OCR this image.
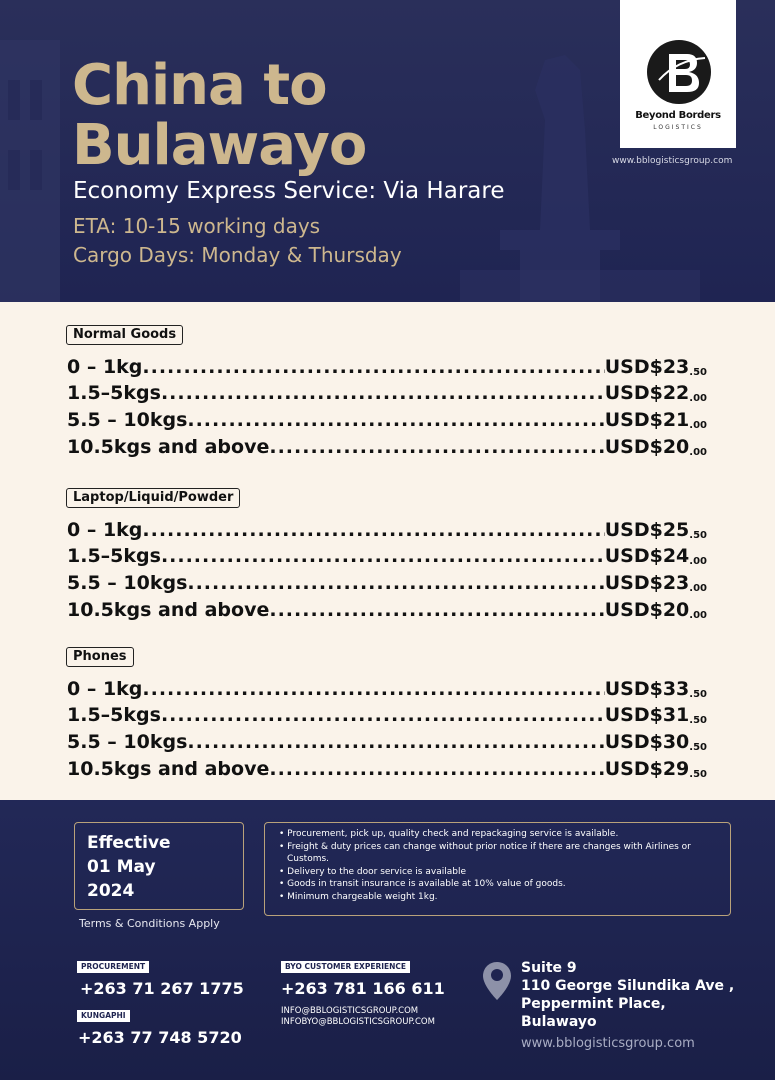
China to
Bulawayo
Economy Express Service: Via Harare
ETA: 10-15 working days
Cargo Days: Monday & Thursday
Beyond Borders
LOGISTICS
www.bblogisticsgroup.com
Normal Goods
0 – 1kg .....	USD$23 .50
1.5–5kgs .....	USD$22 .00
5.5 – 10kgs .....	USD$21 .00
10.5kgs and above .....	USD$20 .00
Laptop/Liquid/Powder
0 – 1kg .....	USD$25 .50
1.5–5kgs .....	USD$24 .00
5.5 – 10kgs .....	USD$23 .00
10.5kgs and above .....	USD$20 .00
Phones
0 – 1kg .....	USD$33 .50
1.5–5kgs .....	USD$31 .50
5.5 – 10kgs .....	USD$30 .50
10.5kgs and above .....	USD$29 .50
Effective
01 May
2024
Terms & Conditions Apply
• Procurement, pick up, quality check and repackaging service is available.
• Freight & duty prices can change without prior notice if there are changes with Airlines or Customs.
• Delivery to the door service is available
• Goods in transit insurance is available at 10% value of goods.
• Minimum chargeable weight 1kg.
PROCUREMENT
+263 71 267 1775
KUNGAPHI
+263 77 748 5720
BYO CUSTOMER EXPERIENCE
+263 781 166 611
INFO@BBLOGISTICSGROUP.COM
INFOBYO@BBLOGISTICSGROUP.COM
Suite 9
110 George Silundika Ave ,
Peppermint Place,
Bulawayo
www.bblogisticsgroup.com
